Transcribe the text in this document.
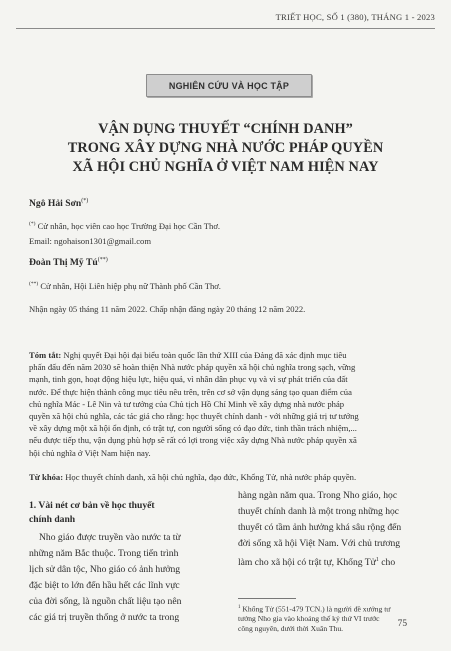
TRIẾT HỌC, SỐ 1 (380), THÁNG 1 - 2023
NGHIÊN CỨU VÀ HỌC TẬP
VẬN DỤNG THUYẾT “CHÍNH DANH”
TRONG XÂY DỰNG NHÀ NƯỚC PHÁP QUYỀN
XÃ HỘI CHỦ NGHĨA Ở VIỆT NAM HIỆN NAY
Ngô Hải Sơn(*)
(*) Cử nhân, học viên cao học Trường Đại học Cần Thơ.
Email: ngohaison1301@gmail.com
Đoàn Thị Mỹ Tú(**)
(**) Cử nhân, Hội Liên hiệp phụ nữ Thành phố Cần Thơ.
Nhận ngày 05 tháng 11 năm 2022. Chấp nhận đăng ngày 20 tháng 12 năm 2022.
Tóm tắt: Nghị quyết Đại hội đại biểu toàn quốc lần thứ XIII của Đảng đã xác định mục tiêu
phấn đấu đến năm 2030 sẽ hoàn thiện Nhà nước pháp quyền xã hội chủ nghĩa trong sạch, vững
mạnh, tinh gọn, hoạt động hiệu lực, hiệu quả, vì nhân dân phục vụ và vì sự phát triển của đất
nước. Để thực hiện thành công mục tiêu nêu trên, trên cơ sở vận dụng sáng tạo quan điểm của
chủ nghĩa Mác - Lê Nin và tư tưởng của Chủ tịch Hồ Chí Minh về xây dựng nhà nước pháp
quyền xã hội chủ nghĩa, các tác giả cho rằng: học thuyết chính danh - với những giá trị tư tưởng
về xây dựng một xã hội ổn định, có trật tự, con người sống có đạo đức, tinh thần trách nhiệm,...
nếu được tiếp thu, vận dụng phù hợp sẽ rất có lợi trong việc xây dựng Nhà nước pháp quyền xã
hội chủ nghĩa ở Việt Nam hiện nay.
Từ khóa: Học thuyết chính danh, xã hội chủ nghĩa, đạo đức, Khổng Tử, nhà nước pháp quyền.
1. Vài nét cơ bản về học thuyết
chính danh
Nho giáo được truyền vào nước ta từ
những năm Bắc thuộc. Trong tiến trình
lịch sử dân tộc, Nho giáo có ảnh hưởng
đặc biệt to lớn đến hầu hết các lĩnh vực
của đời sống, là nguồn chất liệu tạo nên
các giá trị truyền thống ở nước ta trong
hàng ngàn năm qua. Trong Nho giáo, học
thuyết chính danh là một trong những học
thuyết có tầm ảnh hưởng khá sâu rộng đến
đời sống xã hội Việt Nam. Với chủ trương
làm cho xã hội có trật tự, Khổng Tử$^1$ cho
$^1$ Khổng Tử (551-479 TCN.) là người đề xướng tư
tưởng Nho gia vào khoảng thế kỷ thứ VI trước
công nguyên, dưới thời Xuân Thu.	75
